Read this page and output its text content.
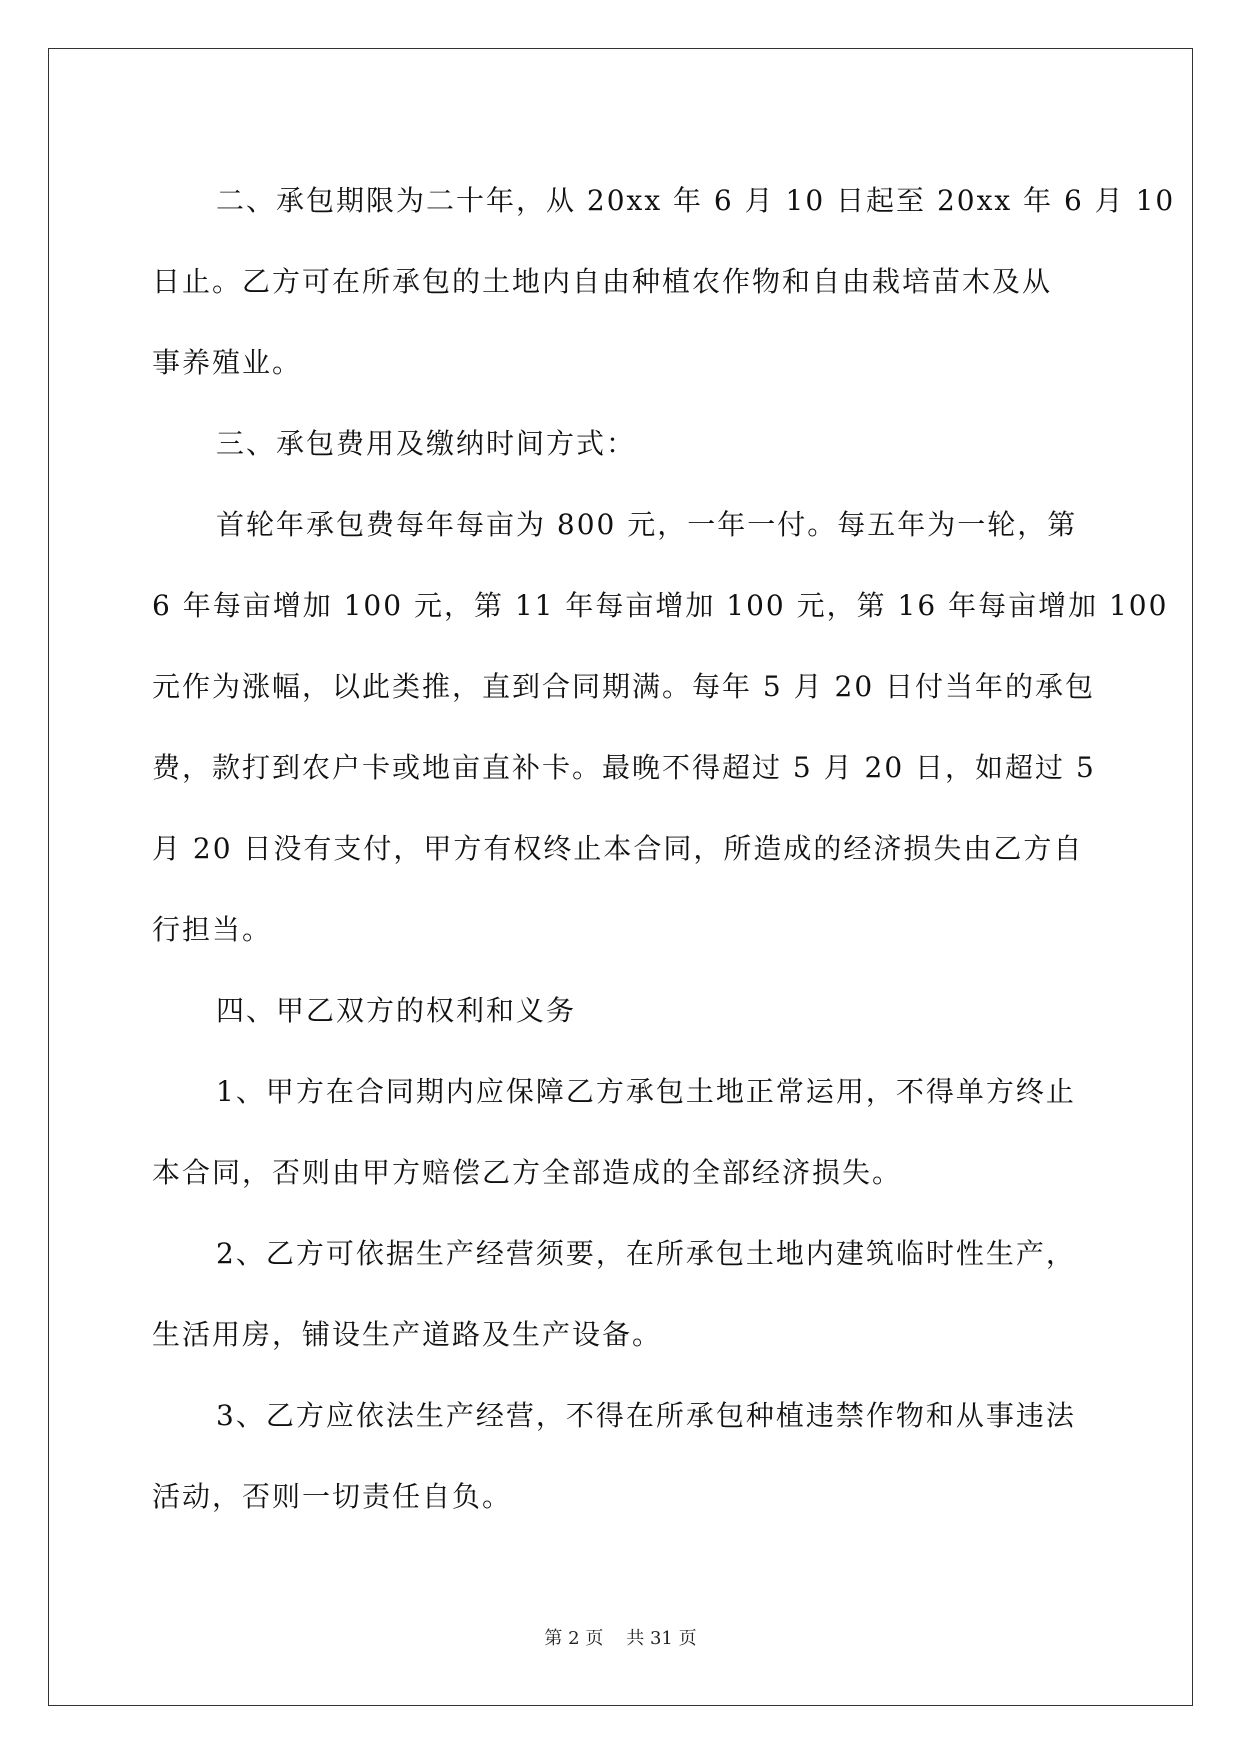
二、承包期限为二十年，从 20xx 年 6 月 10 日起至 20xx 年 6 月 10
日止。乙方可在所承包的土地内自由种植农作物和自由栽培苗木及从
事养殖业。
三、承包费用及缴纳时间方式：
首轮年承包费每年每亩为 800 元，一年一付。每五年为一轮，第
6 年每亩增加 100 元，第 11 年每亩增加 100 元，第 16 年每亩增加 100
元作为涨幅，以此类推，直到合同期满。每年 5 月 20 日付当年的承包
费，款打到农户卡或地亩直补卡。最晚不得超过 5 月 20 日，如超过 5
月 20 日没有支付，甲方有权终止本合同，所造成的经济损失由乙方自
行担当。
四、甲乙双方的权利和义务
1、甲方在合同期内应保障乙方承包土地正常运用，不得单方终止
本合同，否则由甲方赔偿乙方全部造成的全部经济损失。
2、乙方可依据生产经营须要，在所承包土地内建筑临时性生产，
生活用房，铺设生产道路及生产设备。
3、乙方应依法生产经营，不得在所承包种植违禁作物和从事违法
活动，否则一切责任自负。
第 2 页 共 31 页
